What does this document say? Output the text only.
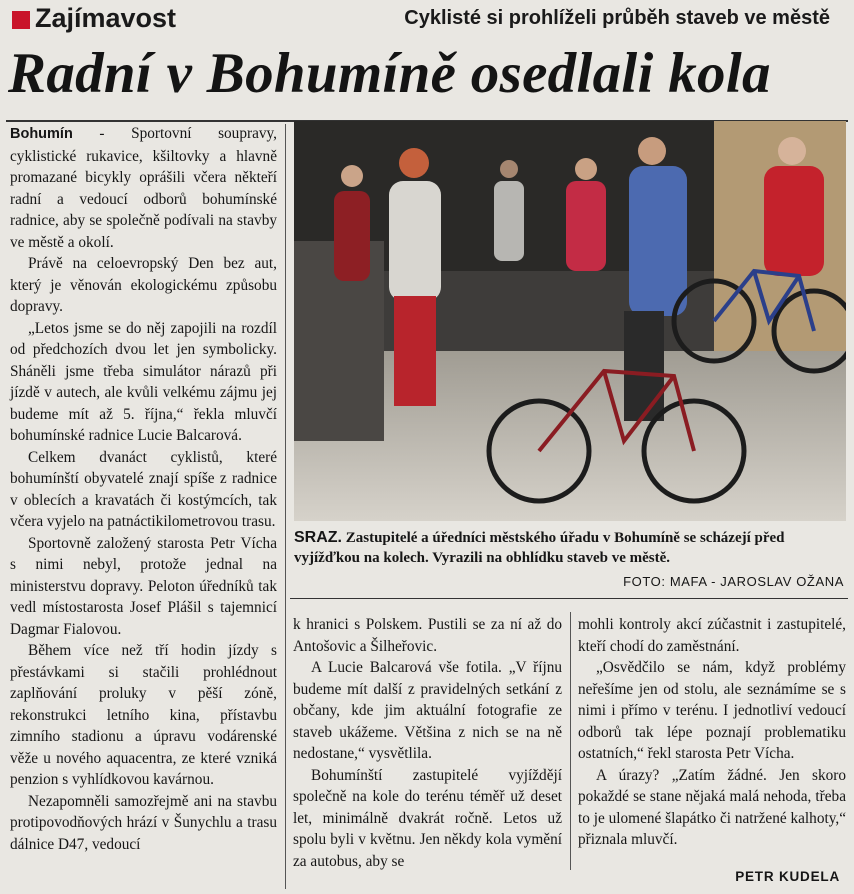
Zajímavost	Cyklisté si prohlíželi průběh staveb ve městě
Radní v Bohumíně osedlali kola

Bohumín - Sportovní soupravy, cyklistické rukavice, kšiltovky a hlavně promazané bicykly oprášili včera někteří radní a vedoucí odborů bohumínské radnice, aby se společně podívali na stavby ve městě a okolí.

Právě na celoevropský Den bez aut, který je věnován ekologickému způsobu dopravy.

„Letos jsme se do něj zapojili na rozdíl od předchozích dvou let jen symbolicky. Sháněli jsme třeba simulátor nárazů při jízdě v autech, ale kvůli velkému zájmu jej budeme mít až 5. října,“ řekla mluvčí bohumínské radnice Lucie Balcarová.

Celkem dvanáct cyklistů, které bohumínští obyvatelé znají spíše z radnice v oblecích a kravatách či kostýmcích, tak včera vyjelo na patnáctikilometrovou trasu.

Sportovně založený starosta Petr Vícha s nimi nebyl, protože jednal na ministerstvu dopravy. Peloton úředníků tak vedl místostarosta Josef Plášil s tajemnicí Dagmar Fialovou.

Během více než tří hodin jízdy s přestávkami si stačili prohlédnout zaplňování proluky v pěší zóně, rekonstrukci letního kina, přístavbu zimního stadionu a úpravu vodárenské věže u nového aquacentra, ze které vzniká penzion s vyhlídkovou kavárnou.

Nezapomněli samozřejmě ani na stavbu protipovodňových hrází v Šunychlu a trasu dálnice D47, vedoucí

SRAZ. Zastupitelé a úředníci městského úřadu v Bohumíně se scházejí před vyjížďkou na kolech. Vyrazili na obhlídku staveb ve městě.
FOTO: MAFA - JAROSLAV OŽANA

k hranici s Polskem. Pustili se za ní až do Antošovic a Šilheřovic.

A Lucie Balcarová vše fotila. „V říjnu budeme mít další z pravidelných setkání z občany, kde jim aktuální fotografie ze staveb ukážeme. Většina z nich se na ně nedostane,“ vysvětlila.

Bohumínští zastupitelé vyjíždějí společně na kole do terénu téměř už deset let, minimálně dvakrát ročně. Letos už spolu byli v květnu. Jen někdy kola vymění za autobus, aby se

mohli kontroly akcí zúčastnit i zastupitelé, kteří chodí do zaměstnání.

„Osvědčilo se nám, když problémy neřešíme jen od stolu, ale seznámíme se s nimi i přímo v terénu. I jednotliví vedoucí odborů tak lépe poznají problematiku ostatních,“ řekl starosta Petr Vícha.

A úrazy? „Zatím žádné. Jen skoro pokaždé se stane nějaká malá nehoda, třeba to je ulomené šlapátko či natržené kalhoty,“ přiznala mluvčí.

PETR KUDELA
